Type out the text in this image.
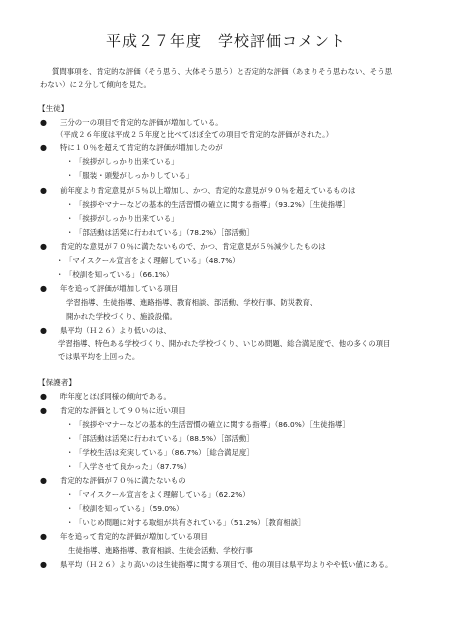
平成２７年度　学校評価コメント
質問事項を、肯定的な評価（そう思う、大体そう思う）と否定的な評価（あまりそう思わない、そう思
わない）に２分して傾向を見た。
【生徒】
● 三分の一の項目で肯定的な評価が増加している。
（平成２６年度は平成２５年度と比べてほぼ全ての項目で肯定的な評価がされた。）
● 特に１０％を超えて肯定的な評価が増加したのが
・ 「挨拶がしっかり出来ている」
・ 「服装・頭髪がしっかりしている」
● 前年度より肯定意見が５％以上増加し、かつ、肯定的な意見が９０％を超えているものは
・ 「挨拶やマナーなどの基本的生活習慣の確立に関する指導」（93.2%）［生徒指導］
・ 「挨拶がしっかり出来ている」
・ 「部活動は活発に行われている」（78.2%）［部活動］
● 肯定的な意見が７０％に満たないもので、かつ、肯定意見が５％減少したものは
・ 「マイスクール宣言をよく理解している」（48.7%）
・ 「校訓を知っている」（66.1%）
● 年を追って評価が増加している項目
学習指導、生徒指導、進路指導、教育相談、部活動、学校行事、防災教育、
開かれた学校づくり、施設設備。
● 県平均（Ｈ２６）より低いのは、
学習指導、特色ある学校づくり、開かれた学校づくり、いじめ問題、総合満足度で、他の多くの項目
では県平均を上回った。
【保護者】
● 昨年度とほぼ同様の傾向である。
● 肯定的な評価として９０％に近い項目
・ 「挨拶やマナーなどの基本的生活習慣の確立に関する指導」（86.0%）［生徒指導］
・ 「部活動は活発に行われている」（88.5%）［部活動］
・ 「学校生活は充実している」（86.7%）［総合満足度］
・ 「入学させて良かった」（87.7%）
● 肯定的な評価が７０％に満たないもの
・ 「マイスクール宣言をよく理解している」（62.2%）
・ 「校訓を知っている」（59.0%）
・ 「いじめ問題に対する取組が共有されている」（51.2%）［教育相談］
● 年を追って肯定的な評価が増加している項目
生徒指導、進路指導、教育相談、生徒会活動、学校行事
● 県平均（Ｈ２６）より高いのは生徒指導に関する項目で、他の項目は県平均よりやや低い値にある。
